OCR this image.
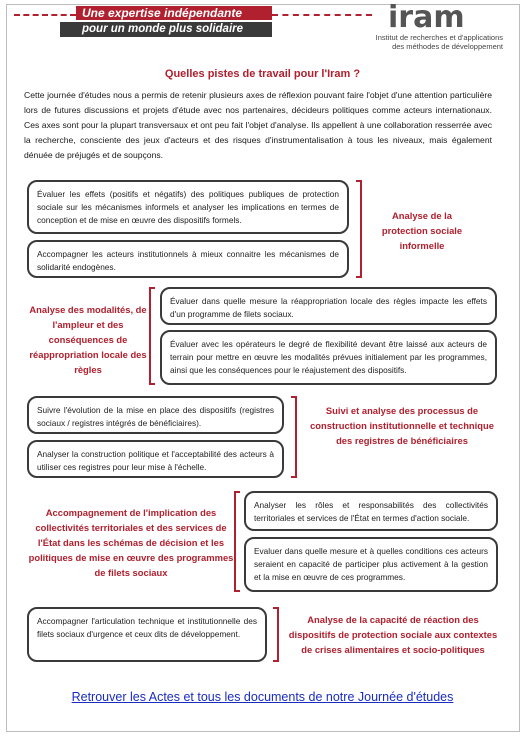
Une expertise indépendante
pour un monde plus solidaire	iram
Institut de recherches et d'applications
des méthodes de développement
Quelles pistes de travail pour l'Iram ?
Cette journée d'études nous a permis de retenir plusieurs axes de réflexion pouvant faire l'objet d'une attention particulière lors de futures discussions et projets d'étude avec nos partenaires, décideurs politiques comme acteurs internationaux. Ces axes sont pour la plupart transversaux et ont peu fait l'objet d'analyse. Ils appellent à une collaboration resserrée avec la recherche, consciente des jeux d'acteurs et des risques d'instrumentalisation à tous les niveaux, mais également dénuée de préjugés et de soupçons.
Évaluer les effets (positifs et négatifs) des politiques publiques de protection sociale sur les mécanismes informels et analyser les implications en termes de conception et de mise en œuvre des dispositifs formels.
Accompagner les acteurs institutionnels à mieux connaitre les mécanismes de solidarité endogènes.
Analyse de la protection sociale informelle
Analyse des modalités, de l'ampleur et des conséquences de réappropriation locale des règles
Évaluer dans quelle mesure la réappropriation locale des règles impacte les effets d'un programme de filets sociaux.
Évaluer avec les opérateurs le degré de flexibilité devant être laissé aux acteurs de terrain pour mettre en œuvre les modalités prévues initialement par les programmes, ainsi que les conséquences pour le réajustement des dispositifs.
Suivre l'évolution de la mise en place des dispositifs (registres sociaux / registres intégrés de bénéficiaires).
Analyser la construction politique et l'acceptabilité des acteurs à utiliser ces registres pour leur mise à l'échelle.
Suivi et analyse des processus de construction institutionnelle et technique des registres de bénéficiaires
Accompagnement de l'implication des collectivités territoriales et des services de l'État dans les schémas de décision et les politiques de mise en œuvre des programmes de filets sociaux
Analyser les rôles et responsabilités des collectivités territoriales et services de l'État en termes d'action sociale.
Evaluer dans quelle mesure et à quelles conditions ces acteurs seraient en capacité de participer plus activement à la gestion et la mise en œuvre de ces programmes.
Accompagner l'articulation technique et institutionnelle des filets sociaux d'urgence et ceux dits de développement.
Analyse de la capacité de réaction des dispositifs de protection sociale aux contextes de crises alimentaires et socio-politiques
Retrouver les Actes et tous les documents de notre Journée d'études
